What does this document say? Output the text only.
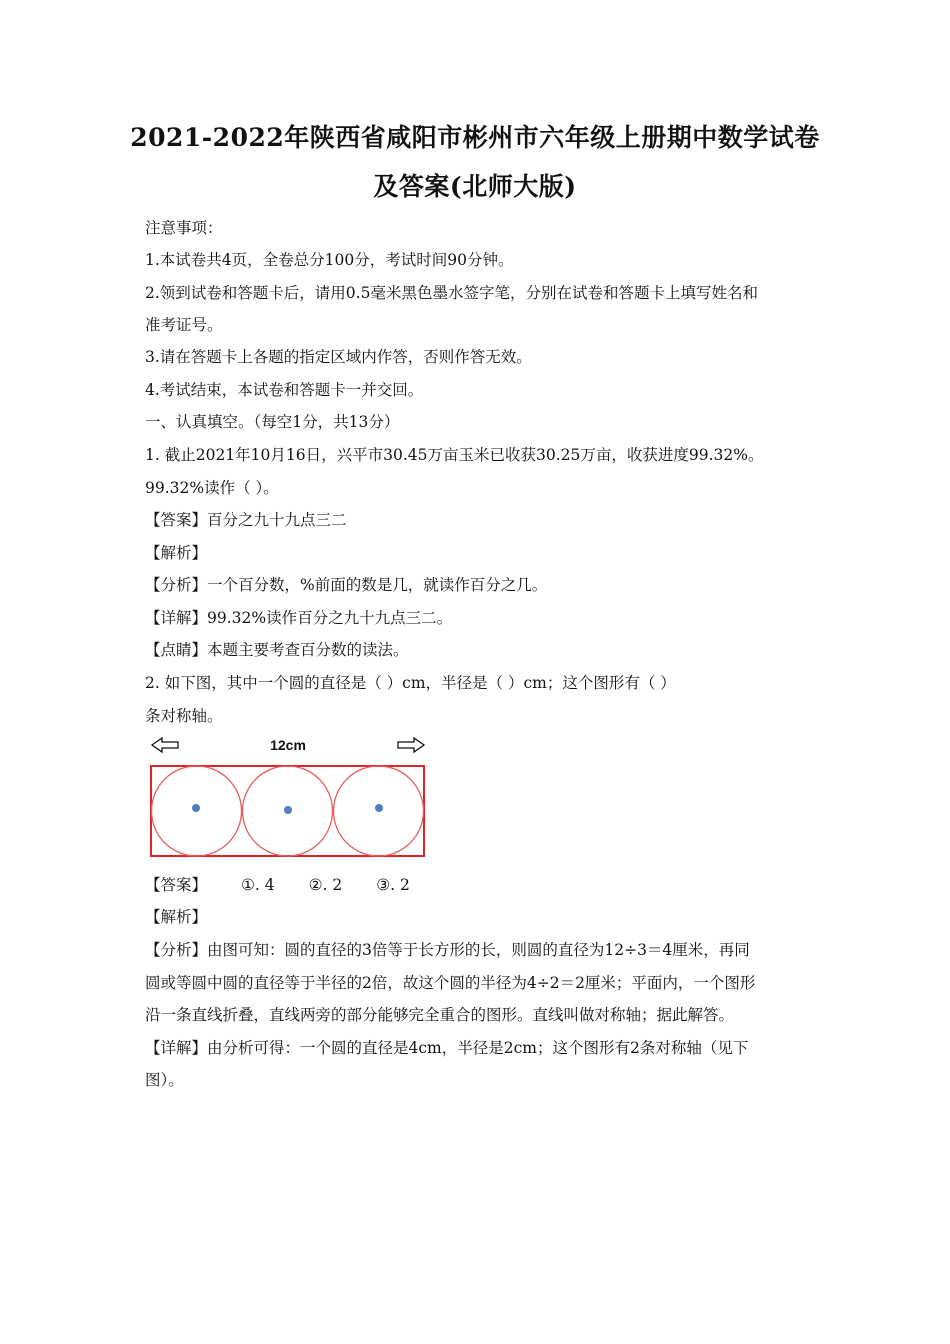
2021-2022年陕西省咸阳市彬州市六年级上册期中数学试卷
及答案(北师大版)
注意事项：
1.本试卷共4页，全卷总分100分，考试时间90分钟。
2.领到试卷和答题卡后，请用0.5毫米黑色墨水签字笔，分别在试卷和答题卡上填写姓名和
准考证号。
3.请在答题卡上各题的指定区域内作答，否则作答无效。
4.考试结束，本试卷和答题卡一并交回。
一、认真填空。（每空1分，共13分）
1. 截止2021年10月16日，兴平市30.45万亩玉米已收获30.25万亩，收获进度99.32%。
99.32%读作（ ）。
【答案】百分之九十九点三二
【解析】
【分析】一个百分数，%前面的数是几，就读作百分之几。
【详解】99.32%读作百分之九十九点三二。
【点睛】本题主要考查百分数的读法。
2. 如下图，其中一个圆的直径是（ ）cm，半径是（ ）cm；这个图形有（ ）
条对称轴。
12cm
【答案】 ①. 4 ②. 2 ③. 2
【解析】
【分析】由图可知：圆的直径的3倍等于长方形的长，则圆的直径为12÷3＝4厘米，再同
圆或等圆中圆的直径等于半径的2倍，故这个圆的半径为4÷2＝2厘米；平面内，一个图形
沿一条直线折叠，直线两旁的部分能够完全重合的图形。直线叫做对称轴；据此解答。
【详解】由分析可得：一个圆的直径是4cm，半径是2cm；这个图形有2条对称轴（见下
图）。
